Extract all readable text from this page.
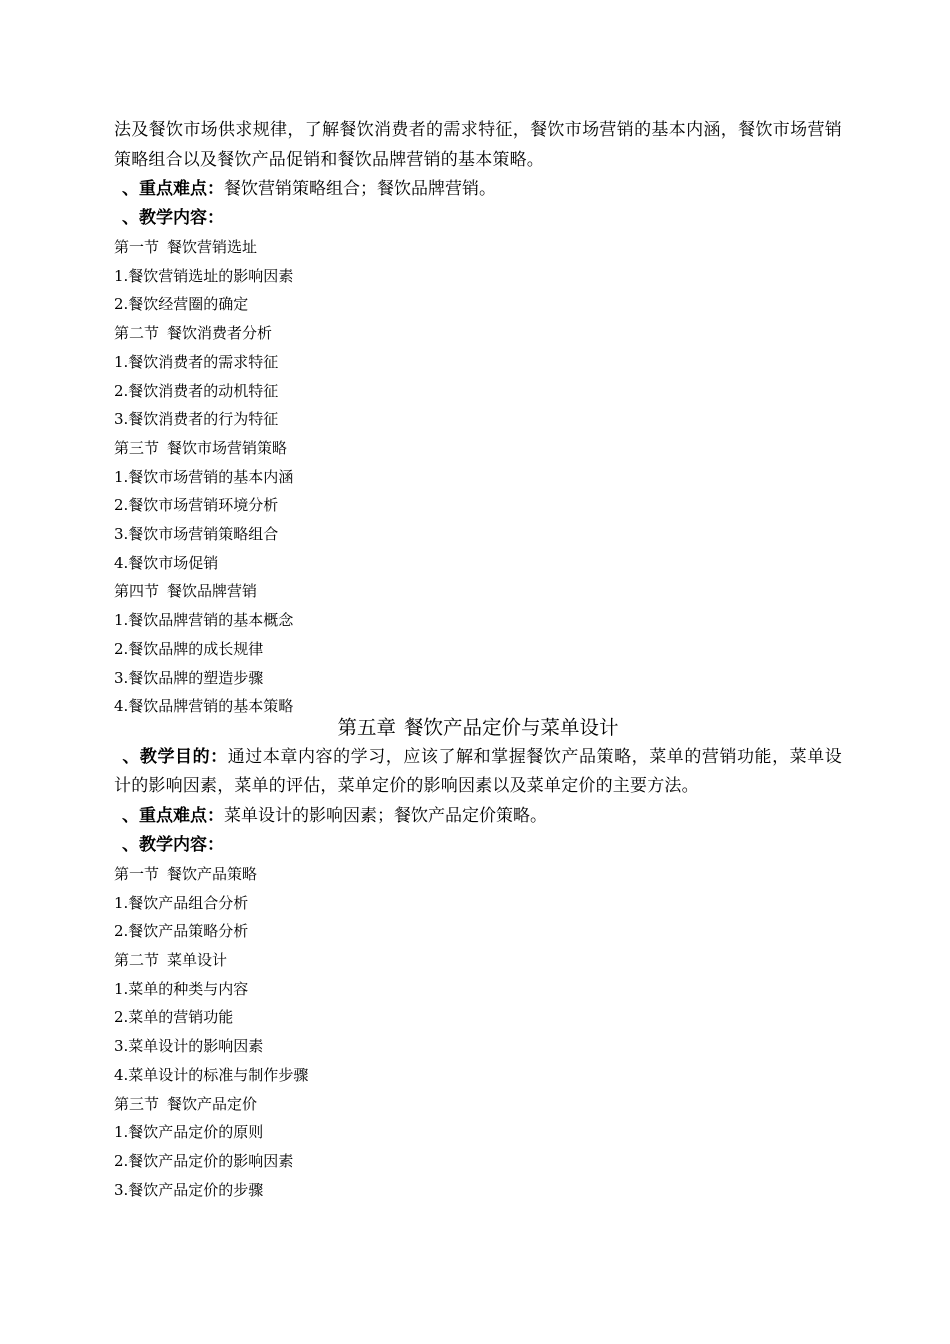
法及餐饮市场供求规律，了解餐饮消费者的需求特征，餐饮市场营销的基本内涵，餐饮市场营销策略组合以及餐饮产品促销和餐饮品牌营销的基本策略。

、重点难点：餐饮营销策略组合；餐饮品牌营销。

、教学内容：

第一节 餐饮营销选址

1.餐饮营销选址的影响因素

2.餐饮经营圈的确定

第二节 餐饮消费者分析

1.餐饮消费者的需求特征

2.餐饮消费者的动机特征

3.餐饮消费者的行为特征

第三节 餐饮市场营销策略

1.餐饮市场营销的基本内涵

2.餐饮市场营销环境分析

3.餐饮市场营销策略组合

4.餐饮市场促销

第四节 餐饮品牌营销

1.餐饮品牌营销的基本概念

2.餐饮品牌的成长规律

3.餐饮品牌的塑造步骤

4.餐饮品牌营销的基本策略

第五章 餐饮产品定价与菜单设计

、教学目的：通过本章内容的学习，应该了解和掌握餐饮产品策略，菜单的营销功能，菜单设计的影响因素，菜单的评估，菜单定价的影响因素以及菜单定价的主要方法。

、重点难点：菜单设计的影响因素；餐饮产品定价策略。

、教学内容：

第一节 餐饮产品策略

1.餐饮产品组合分析

2.餐饮产品策略分析

第二节 菜单设计

1.菜单的种类与内容

2.菜单的营销功能

3.菜单设计的影响因素

4.菜单设计的标准与制作步骤

第三节 餐饮产品定价

1.餐饮产品定价的原则

2.餐饮产品定价的影响因素

3.餐饮产品定价的步骤
